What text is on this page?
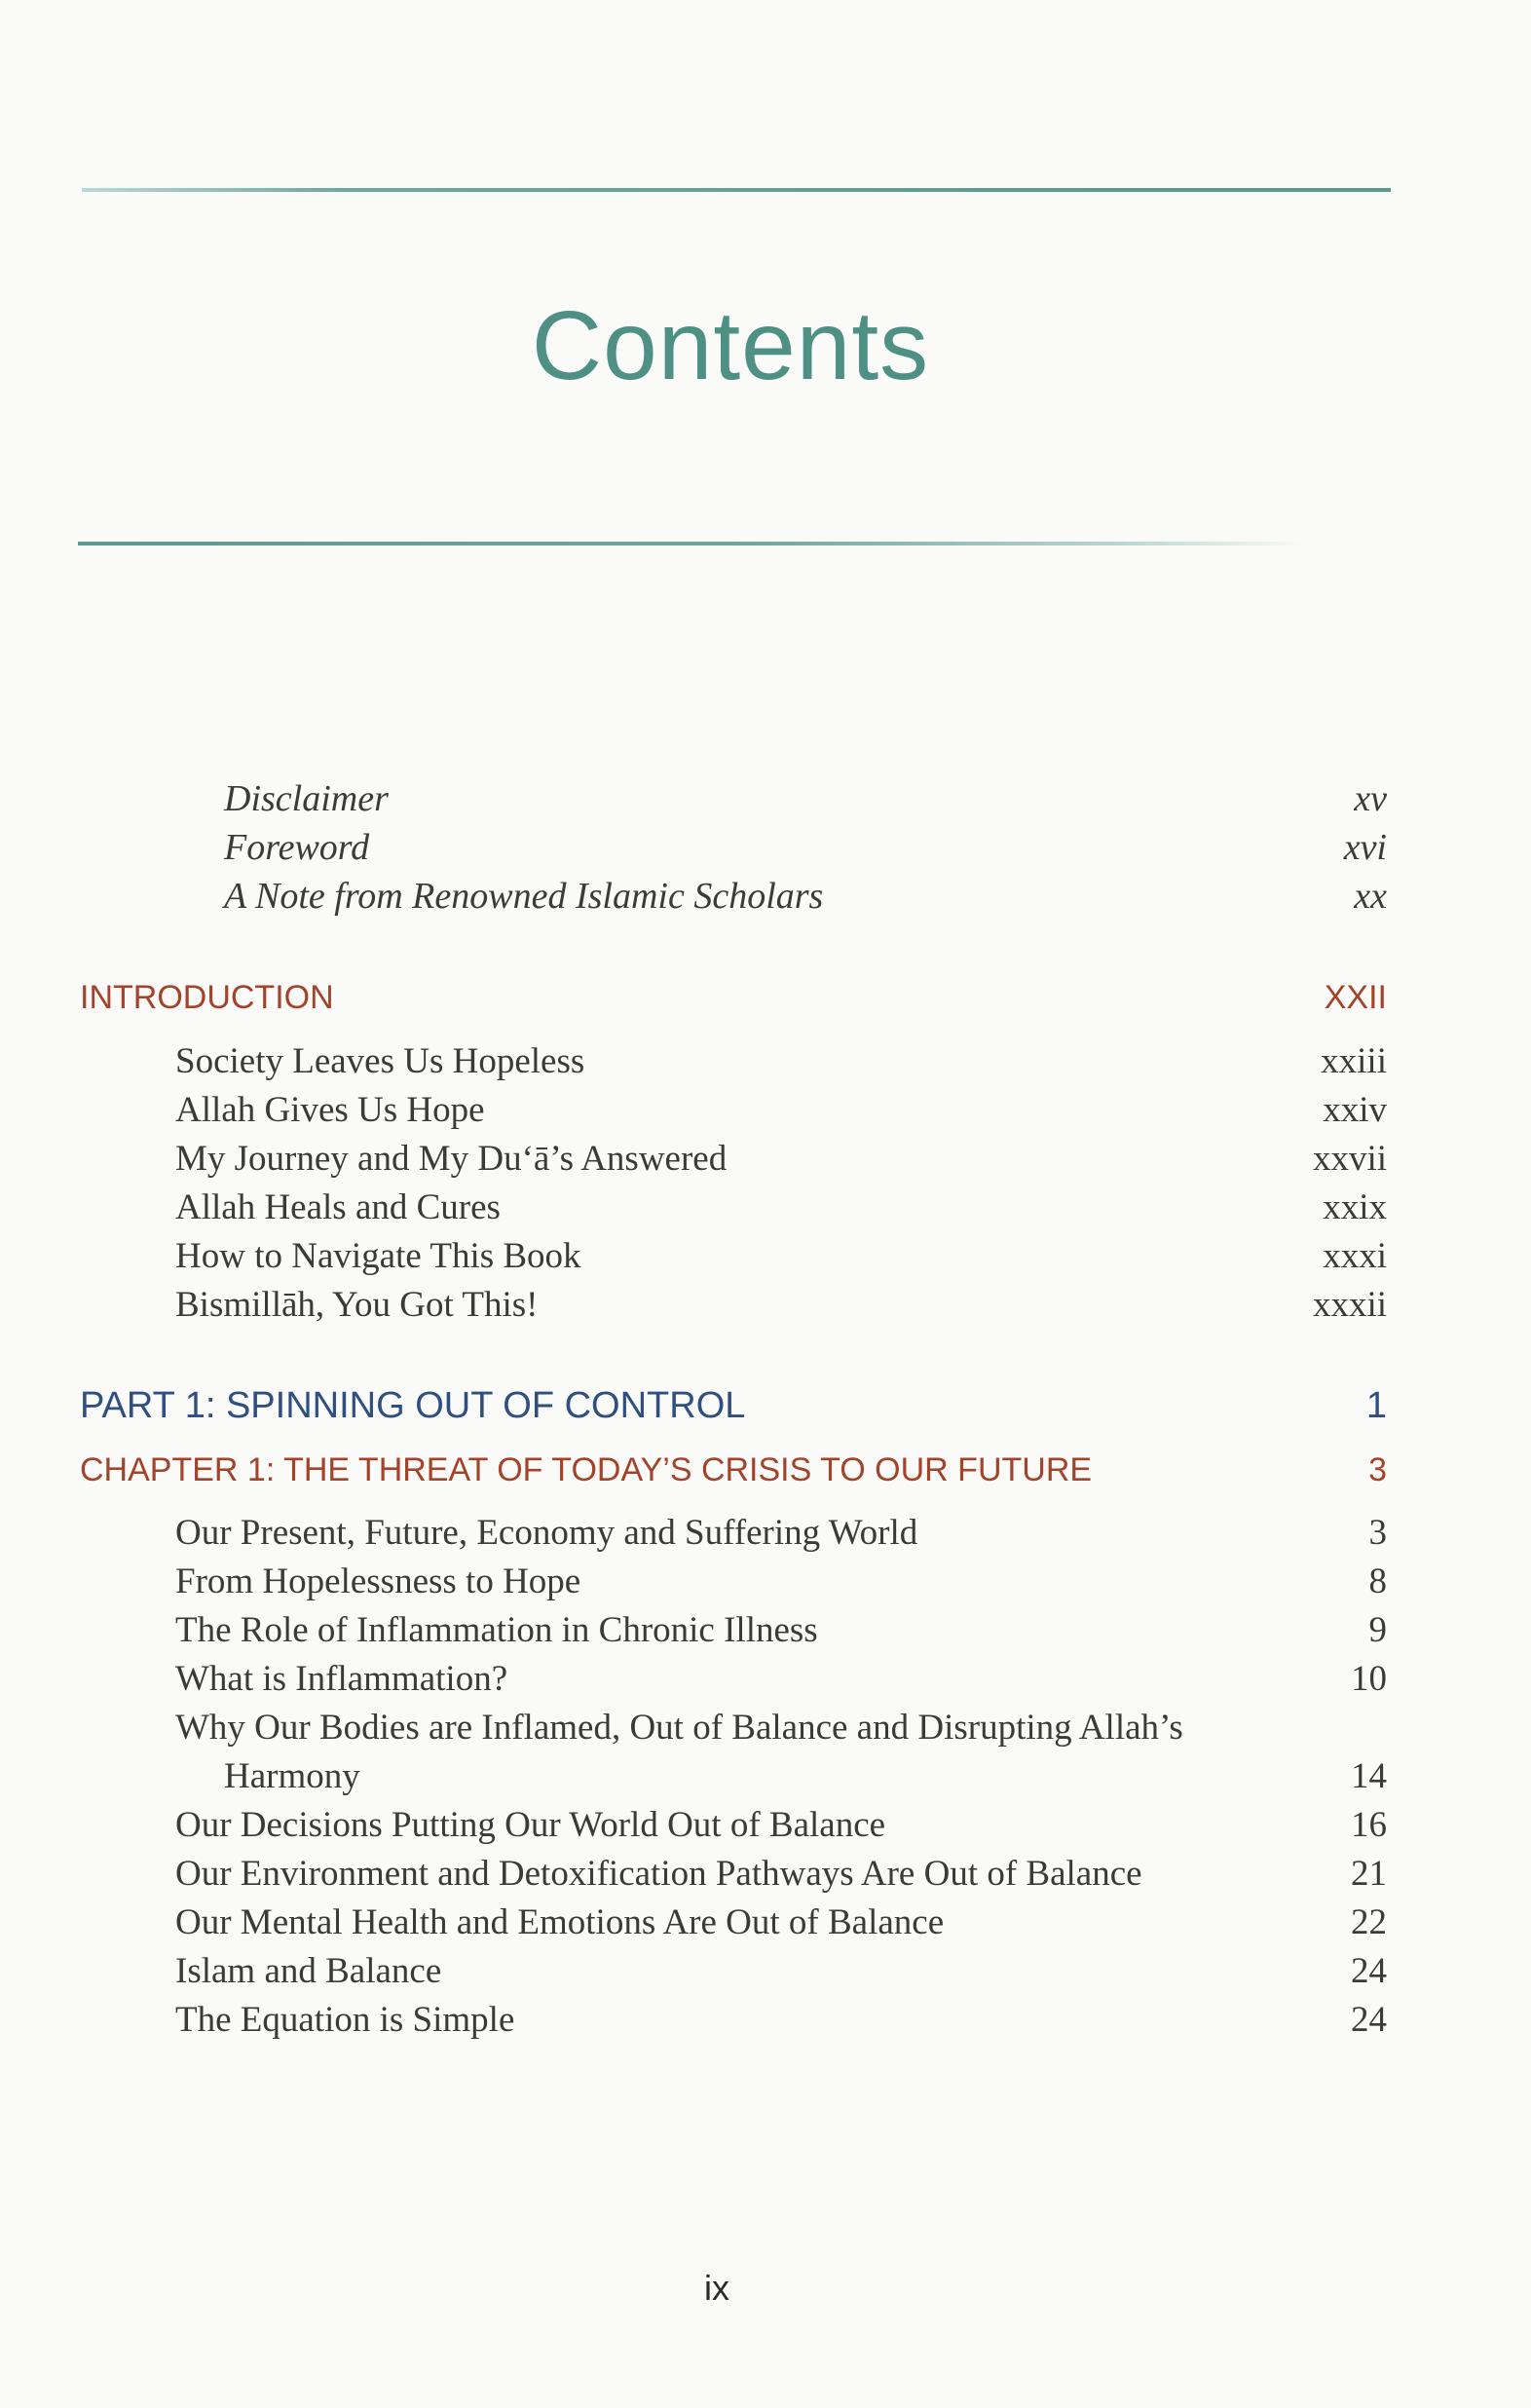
Contents
Disclaimer	xv
Foreword	xvi
A Note from Renowned Islamic Scholars	xx
INTRODUCTION	XXII
Society Leaves Us Hopeless	xxiii
Allah Gives Us Hope	xxiv
My Journey and My Du‘ā’s Answered	xxvii
Allah Heals and Cures	xxix
How to Navigate This Book	xxxi
Bismillāh, You Got This!	xxxii
PART 1: SPINNING OUT OF CONTROL	1
CHAPTER 1: THE THREAT OF TODAY’S CRISIS TO OUR FUTURE	3
Our Present, Future, Economy and Suffering World	3
From Hopelessness to Hope	8
The Role of Inflammation in Chronic Illness	9
What is Inflammation?	10
Why Our Bodies are Inflamed, Out of Balance and Disrupting Allah’s
Harmony	14
Our Decisions Putting Our World Out of Balance	16
Our Environment and Detoxification Pathways Are Out of Balance	21
Our Mental Health and Emotions Are Out of Balance	22
Islam and Balance	24
The Equation is Simple	24
ix
